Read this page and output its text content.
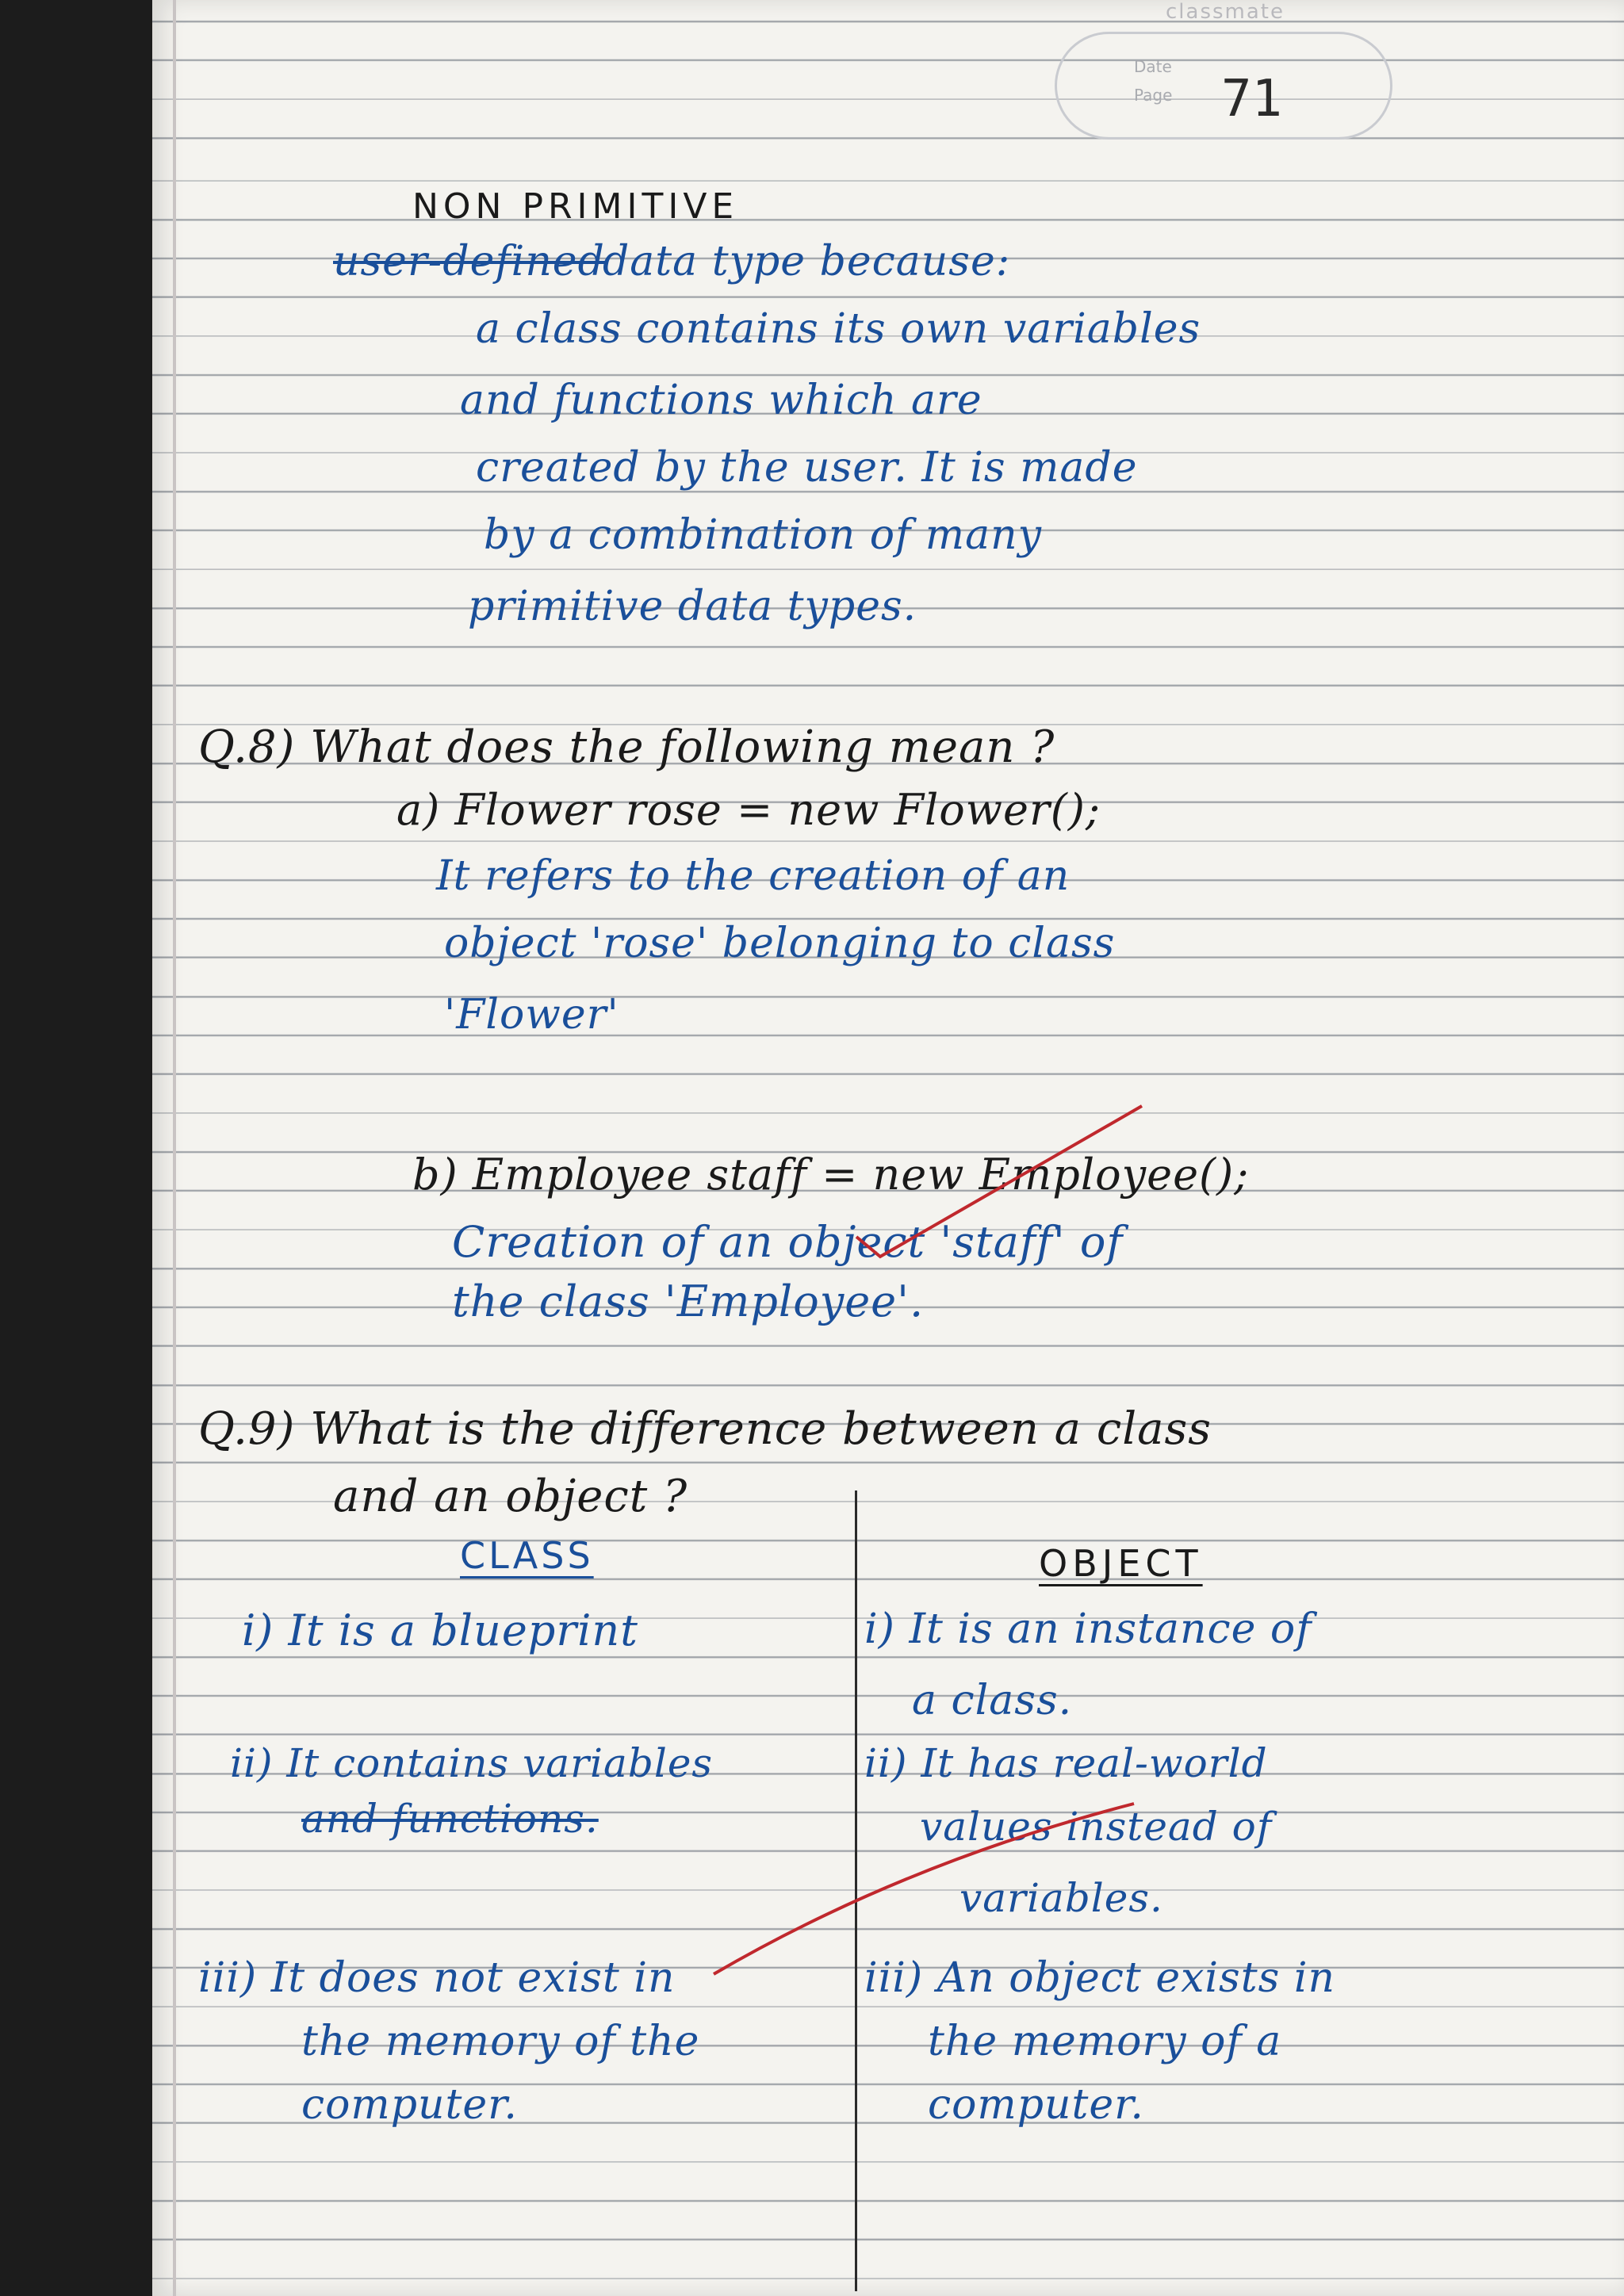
classmate
Date
Page 71
NON PRIMITIVE
user-defined
data type because:
a class contains its own variables
and functions which are
created by the user. It is made
by a combination of many
primitive data types.
Q.8) What does the following mean ?
a) Flower rose = new Flower();
It refers to the creation of an
object 'rose' belonging to class
'Flower'
b) Employee staff = new Employee();
Creation of an object 'staff' of
the class 'Employee'.
Q.9) What is the difference between a class
and an object ?
CLASS	OBJECT
i) It is a blueprint
ii) It contains variables
and functions.
iii) It does not exist in
the memory of the
computer.
i) It is an instance of
a class.
ii) It has real-world
values instead of
variables.
iii) An object exists in
the memory of a
computer.
